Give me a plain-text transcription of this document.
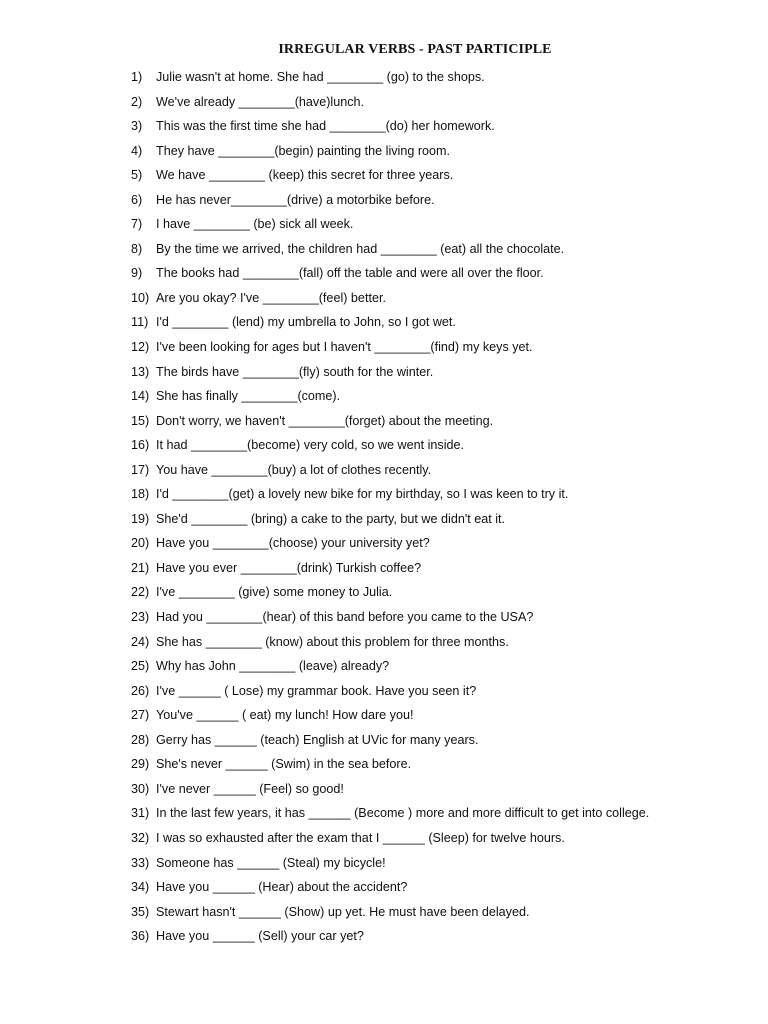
IRREGULAR VERBS - PAST PARTICIPLE
1)	Julie wasn't at home. She had ________ (go) to the shops.
2)	We've already ________(have)lunch.
3)	This was the first time she had ________(do) her homework.
4)	They have ________(begin) painting the living room.
5)	We have ________ (keep) this secret for three years.
6)	He has never________(drive) a motorbike before.
7)	I have ________ (be) sick all week.
8)	By the time we arrived, the children had ________ (eat) all the chocolate.
9)	The books had ________(fall) off the table and were all over the floor.
10) Are you okay? I've ________(feel) better.
11) I'd ________ (lend) my umbrella to John, so I got wet.
12) I've been looking for ages but I haven't ________(find) my keys yet.
13) The birds have ________(fly) south for the winter.
14) She has finally ________(come).
15) Don't worry, we haven't ________(forget) about the meeting.
16) It had ________(become) very cold, so we went inside.
17) You have ________(buy) a lot of clothes recently.
18) I'd ________(get) a lovely new bike for my birthday, so I was keen to try it.
19) She'd ________ (bring) a cake to the party, but we didn't eat it.
20) Have you ________(choose) your university yet?
21) Have you ever ________(drink) Turkish coffee?
22) I've ________ (give) some money to Julia.
23) Had you ________(hear) of this band before you came to the USA?
24) She has ________ (know) about this problem for three months.
25) Why has John ________ (leave) already?
26) I've ______ ( Lose) my grammar book. Have you seen it?
27) You've ______ ( eat) my lunch! How dare you!
28) Gerry has ______ (teach) English at UVic for many years.
29) She's never ______ (Swim) in the sea before.
30) I've never ______ (Feel) so good!
31) In the last few years, it has ______ (Become ) more and more difficult to get into college.
32) I was so exhausted after the exam that I ______ (Sleep) for twelve hours.
33) Someone has ______ (Steal) my bicycle!
34) Have you ______ (Hear) about the accident?
35) Stewart hasn't ______ (Show) up yet. He must have been delayed.
36) Have you ______ (Sell) your car yet?
